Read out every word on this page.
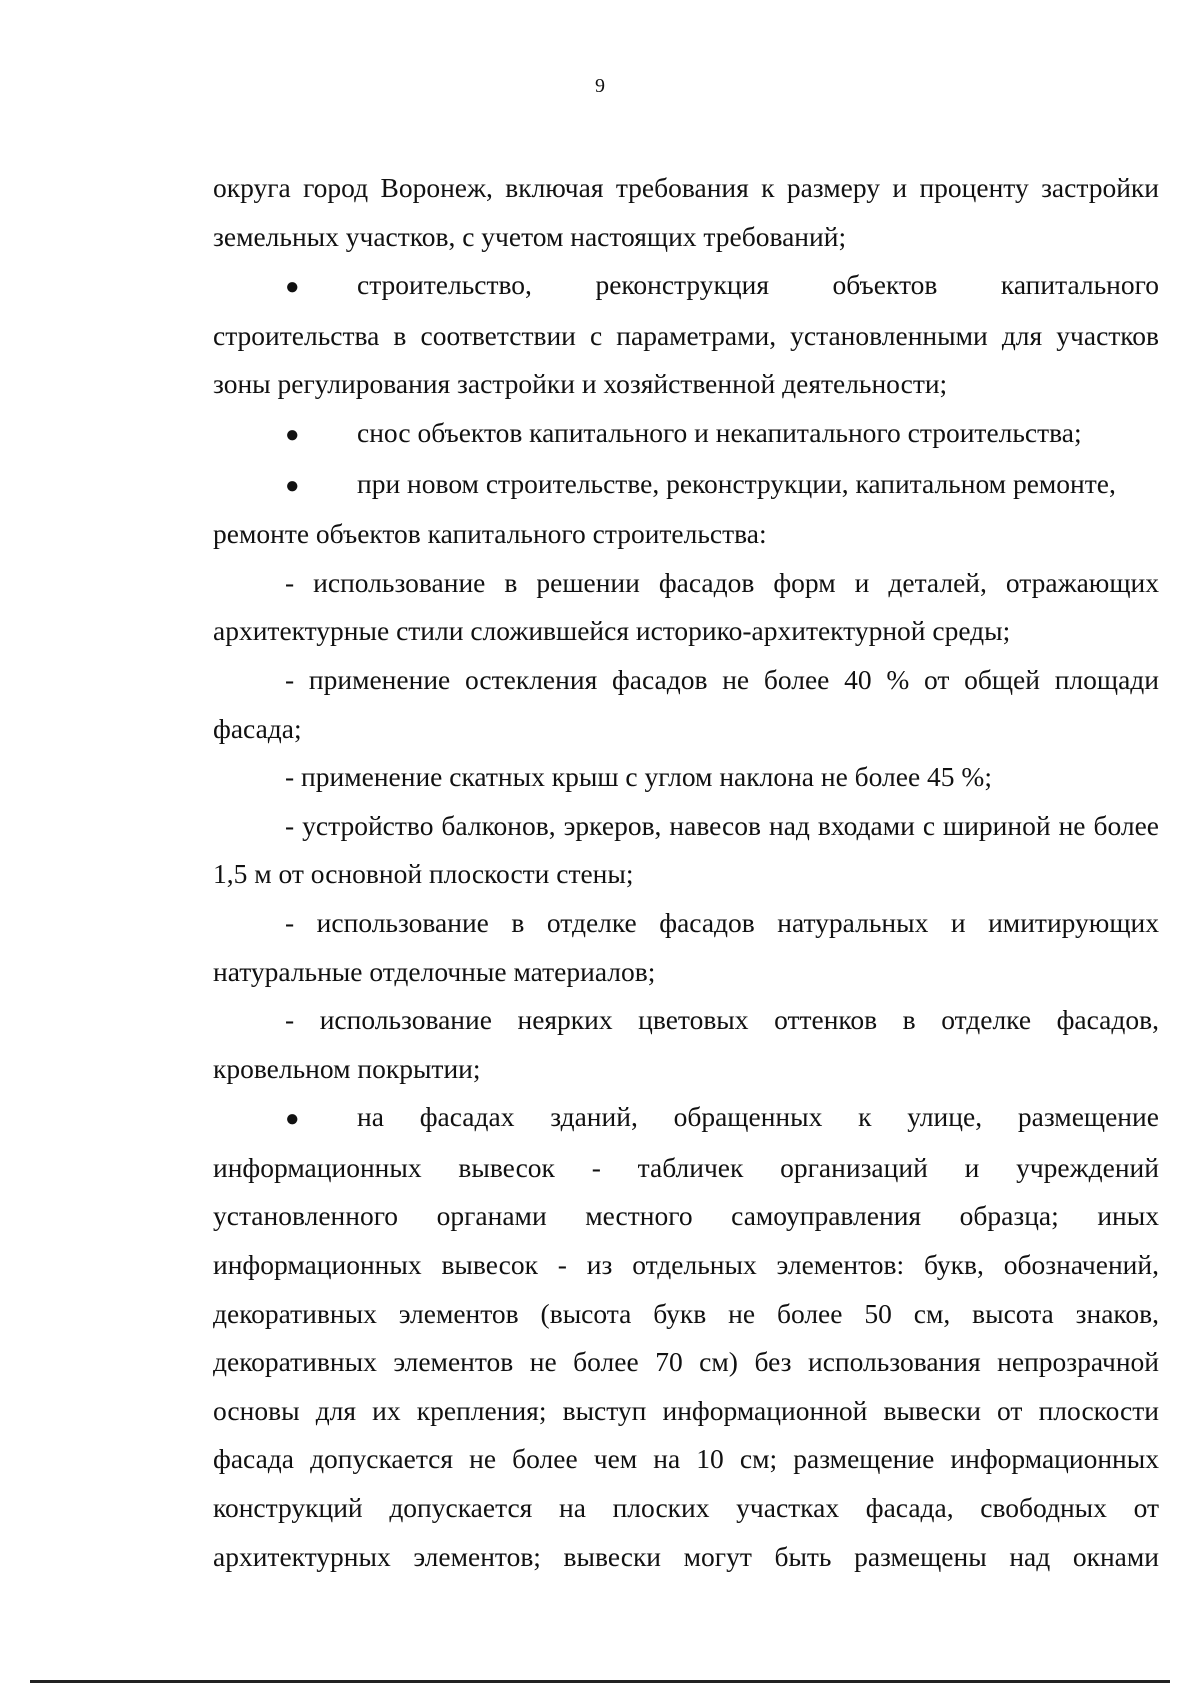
9

округа город Воронеж, включая требования к размеру и проценту застройки земельных участков, с учетом настоящих требований;

●	строительство, реконструкция объектов капитального

строительства в соответствии с параметрами, установленными для участков зоны регулирования застройки и хозяйственной деятельности;

●	снос объектов капитального и некапитального строительства;
●	при новом строительстве, реконструкции, капитальном ремонте,

ремонте объектов капитального строительства:

- использование в решении фасадов форм и деталей, отражающих архитектурные стили сложившейся историко-архитектурной среды;

- применение остекления фасадов не более 40 % от общей площади фасада;

- применение скатных крыш с углом наклона не более 45 %;

- устройство балконов, эркеров, навесов над входами с шириной не более 1,5 м от основной плоскости стены;

- использование в отделке фасадов натуральных и имитирующих натуральные отделочные материалов;

- использование неярких цветовых оттенков в отделке фасадов, кровельном покрытии;

●	на фасадах зданий, обращенных к улице, размещение

информационных вывесок - табличек организаций и учреждений установленного органами местного самоуправления образца; иных информационных вывесок - из отдельных элементов: букв, обозначений, декоративных элементов (высота букв не более 50 см, высота знаков, декоративных элементов не более 70 см) без использования непрозрачной основы для их крепления; выступ информационной вывески от плоскости фасада допускается не более чем на 10 см; размещение информационных конструкций допускается на плоских участках фасада, свободных от архитектурных элементов; вывески могут быть размещены над окнами
